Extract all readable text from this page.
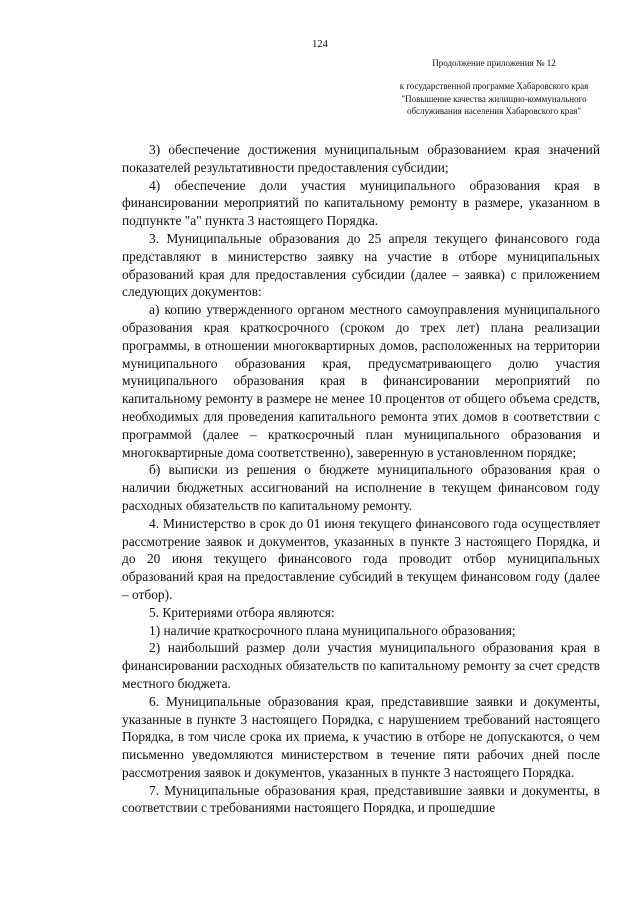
124
Продолжение приложения № 12
к государственной программе Хабаровского края "Повышение качества жилищно-коммунального обслуживания населения Хабаровского края"

3) обеспечение достижения муниципальным образованием края значений показателей результативности предоставления субсидии;

4) обеспечение доли участия муниципального образования края в финансировании мероприятий по капитальному ремонту в размере, указанном в подпункте "а" пункта 3 настоящего Порядка.

3. Муниципальные образования до 25 апреля текущего финансового года представляют в министерство заявку на участие в отборе муниципальных образований края для предоставления субсидии (далее – заявка) с приложением следующих документов:

а) копию утвержденного органом местного самоуправления муниципального образования края краткосрочного (сроком до трех лет) плана реализации программы, в отношении многоквартирных домов, расположенных на территории муниципального образования края, предусматривающего долю участия муниципального образования края в финансировании мероприятий по капитальному ремонту в размере не менее 10 процентов от общего объема средств, необходимых для проведения капитального ремонта этих домов в соответствии с программой (далее – краткосрочный план муниципального образования и многоквартирные дома соответственно), заверенную в установленном порядке;

б) выписки из решения о бюджете муниципального образования края о наличии бюджетных ассигнований на исполнение в текущем финансовом году расходных обязательств по капитальному ремонту.

4. Министерство в срок до 01 июня текущего финансового года осуществляет рассмотрение заявок и документов, указанных в пункте 3 настоящего Порядка, и до 20 июня текущего финансового года проводит отбор муниципальных образований края на предоставление субсидий в текущем финансовом году (далее – отбор).

5. Критериями отбора являются:

1) наличие краткосрочного плана муниципального образования;

2) наибольший размер доли участия муниципального образования края в финансировании расходных обязательств по капитальному ремонту за счет средств местного бюджета.

6. Муниципальные образования края, представившие заявки и документы, указанные в пункте 3 настоящего Порядка, с нарушением требований настоящего Порядка, в том числе срока их приема, к участию в отборе не допускаются, о чем письменно уведомляются министерством в течение пяти рабочих дней после рассмотрения заявок и документов, указанных в пункте 3 настоящего Порядка.

7. Муниципальные образования края, представившие заявки и документы, в соответствии с требованиями настоящего Порядка, и прошедшие
